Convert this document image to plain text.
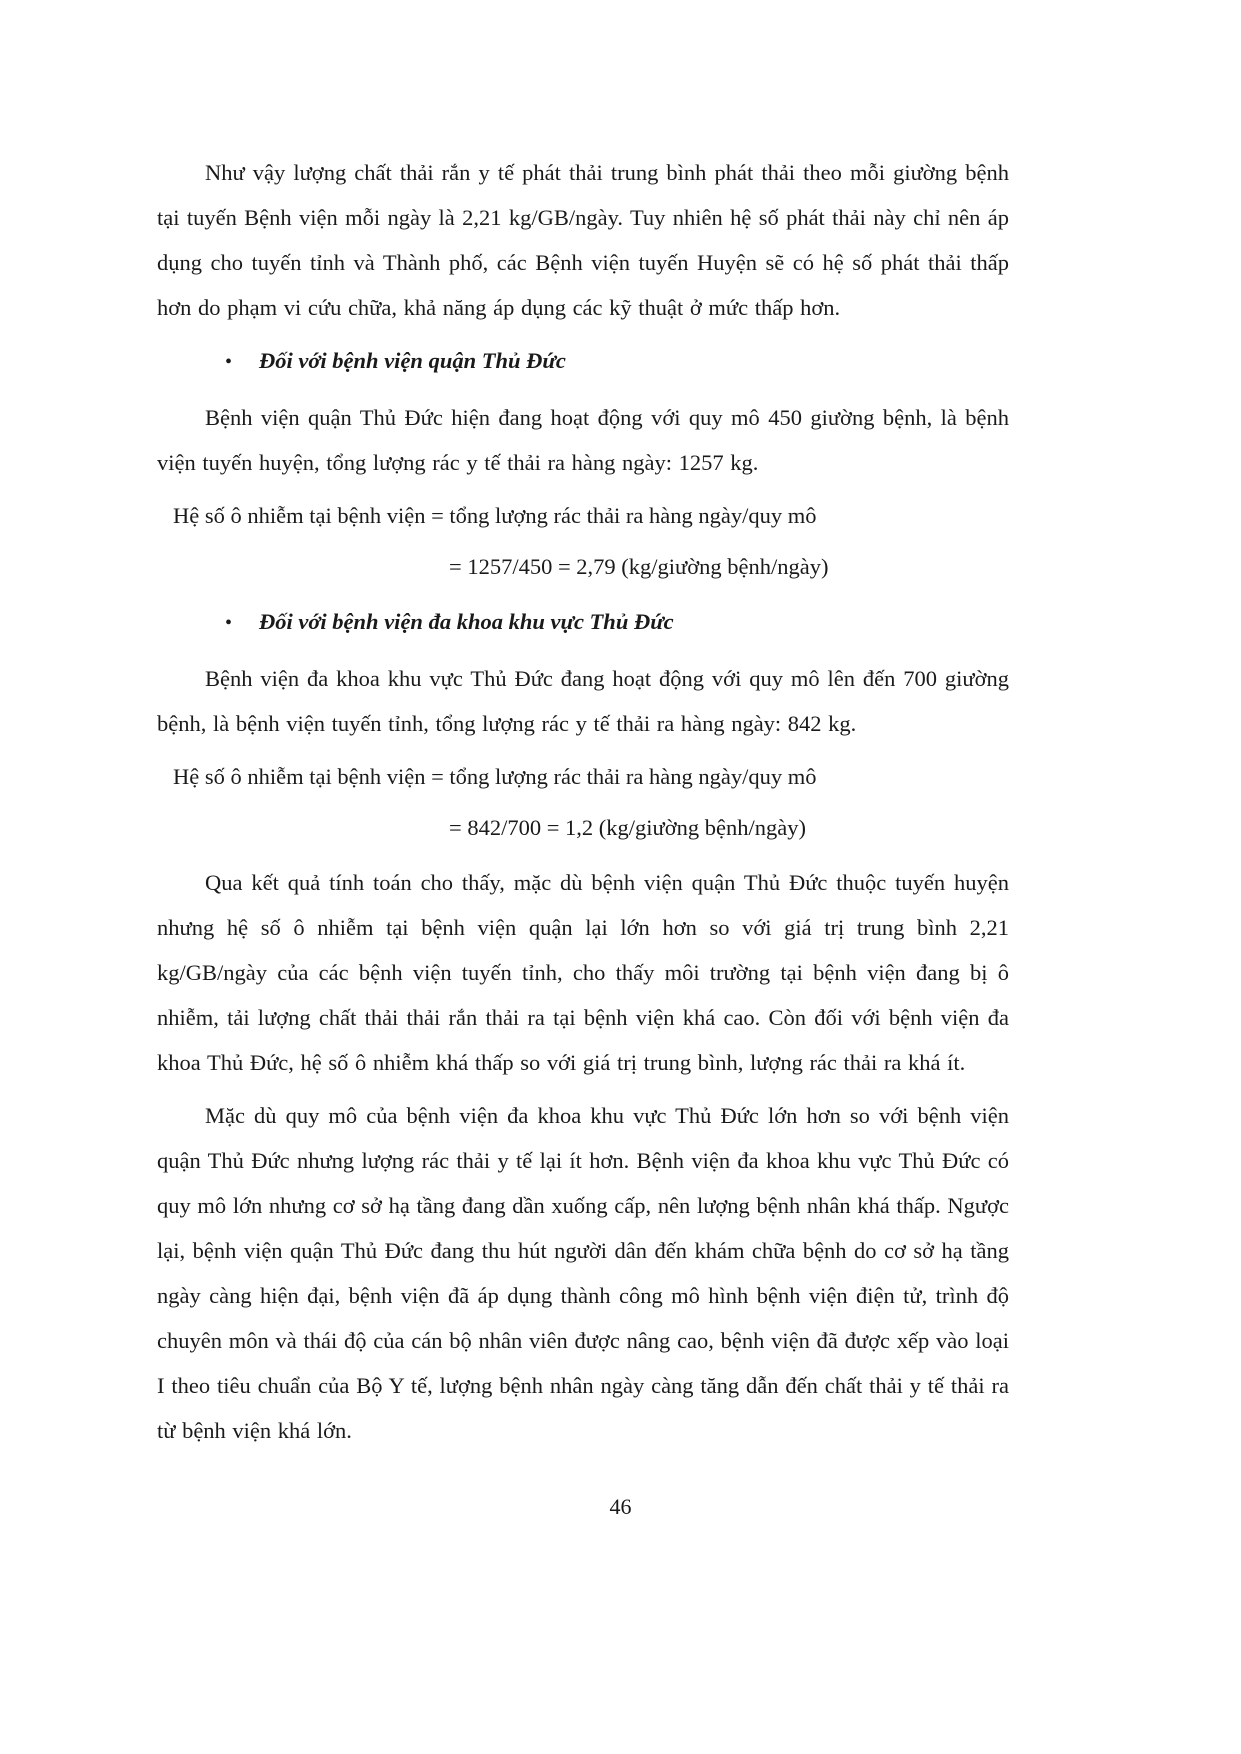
Như vậy lượng chất thải rắn y tế phát thải trung bình phát thải theo mỗi giường bệnh tại tuyến Bệnh viện mỗi ngày là 2,21 kg/GB/ngày. Tuy nhiên hệ số phát thải này chỉ nên áp dụng cho tuyến tỉnh và Thành phố, các Bệnh viện tuyến Huyện sẽ có hệ số phát thải thấp hơn do phạm vi cứu chữa, khả năng áp dụng các kỹ thuật ở mức thấp hơn.

•	Đối với bệnh viện quận Thủ Đức

Bệnh viện quận Thủ Đức hiện đang hoạt động với quy mô 450 giường bệnh, là bệnh viện tuyến huyện, tổng lượng rác y tế thải ra hàng ngày: 1257 kg.

Hệ số ô nhiễm tại bệnh viện = tổng lượng rác thải ra hàng ngày/quy mô

= 1257/450 = 2,79 (kg/giường bệnh/ngày)

•	Đối với bệnh viện đa khoa khu vực Thủ Đức

Bệnh viện đa khoa khu vực Thủ Đức đang hoạt động với quy mô lên đến 700 giường bệnh, là bệnh viện tuyến tỉnh, tổng lượng rác y tế thải ra hàng ngày: 842 kg.

Hệ số ô nhiễm tại bệnh viện = tổng lượng rác thải ra hàng ngày/quy mô

= 842/700 = 1,2 (kg/giường bệnh/ngày)

Qua kết quả tính toán cho thấy, mặc dù bệnh viện quận Thủ Đức thuộc tuyến huyện nhưng hệ số ô nhiễm tại bệnh viện quận lại lớn hơn so với giá trị trung bình 2,21 kg/GB/ngày của các bệnh viện tuyến tỉnh, cho thấy môi trường tại bệnh viện đang bị ô nhiễm, tải lượng chất thải thải rắn thải ra tại bệnh viện khá cao. Còn đối với bệnh viện đa khoa Thủ Đức, hệ số ô nhiễm khá thấp so với giá trị trung bình, lượng rác thải ra khá ít.

Mặc dù quy mô của bệnh viện đa khoa khu vực Thủ Đức lớn hơn so với bệnh viện quận Thủ Đức nhưng lượng rác thải y tế lại ít hơn. Bệnh viện đa khoa khu vực Thủ Đức có quy mô lớn nhưng cơ sở hạ tầng đang dần xuống cấp, nên lượng bệnh nhân khá thấp. Ngược lại, bệnh viện quận Thủ Đức đang thu hút người dân đến khám chữa bệnh do cơ sở hạ tầng ngày càng hiện đại, bệnh viện đã áp dụng thành công mô hình bệnh viện điện tử, trình độ chuyên môn và thái độ của cán bộ nhân viên được nâng cao, bệnh viện đã được xếp vào loại I theo tiêu chuẩn của Bộ Y tế, lượng bệnh nhân ngày càng tăng dẫn đến chất thải y tế thải ra từ bệnh viện khá lớn.

46
